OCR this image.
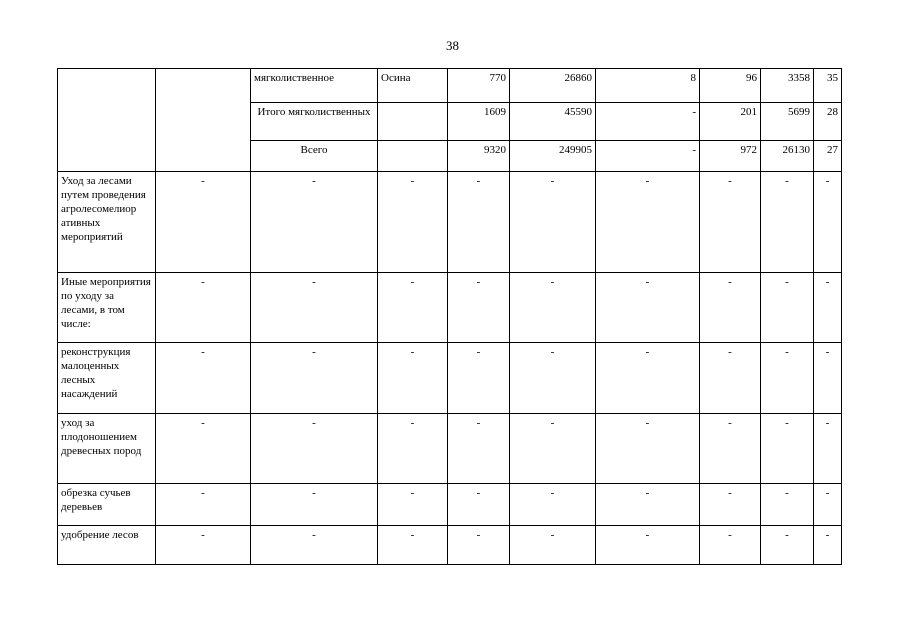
38
		мягколиственное	Осина	770	26860	8	96	3358	35
		Итого мягколиственных		1609	45590	-	201	5699	28
		Всего		9320	249905	-	972	26130	27
Уход за лесами путем проведения агролесомелиор ативных мероприятий	-	-	-	-	-	-	-	-	-
Иные мероприятия по уходу за лесами, в том числе:	-	-	-	-	-	-	-	-	-
реконструкция малоценных лесных насаждений	-	-	-	-	-	-	-	-	-
уход за плодоношением древесных пород	-	-	-	-	-	-	-	-	-
обрезка сучьев деревьев	-	-	-	-	-	-	-	-	-
удобрение лесов	-	-	-	-	-	-	-	-	-
